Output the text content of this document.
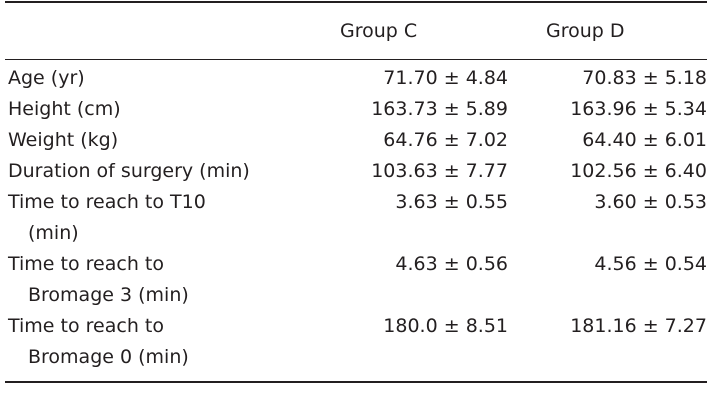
	Group C	Group D
Age (yr)	71.70 ± 4.84	70.83 ± 5.18
Height (cm)	163.73 ± 5.89	163.96 ± 5.34
Weight (kg)	64.76 ± 7.02	64.40 ± 6.01
Duration of surgery (min)	103.63 ± 7.77	102.56 ± 6.40
Time to reach to T10
(min)	3.63 ± 0.55	3.60 ± 0.53
Time to reach to
Bromage 3 (min)	4.63 ± 0.56	4.56 ± 0.54
Time to reach to
Bromage 0 (min)	180.0 ± 8.51	181.16 ± 7.27
